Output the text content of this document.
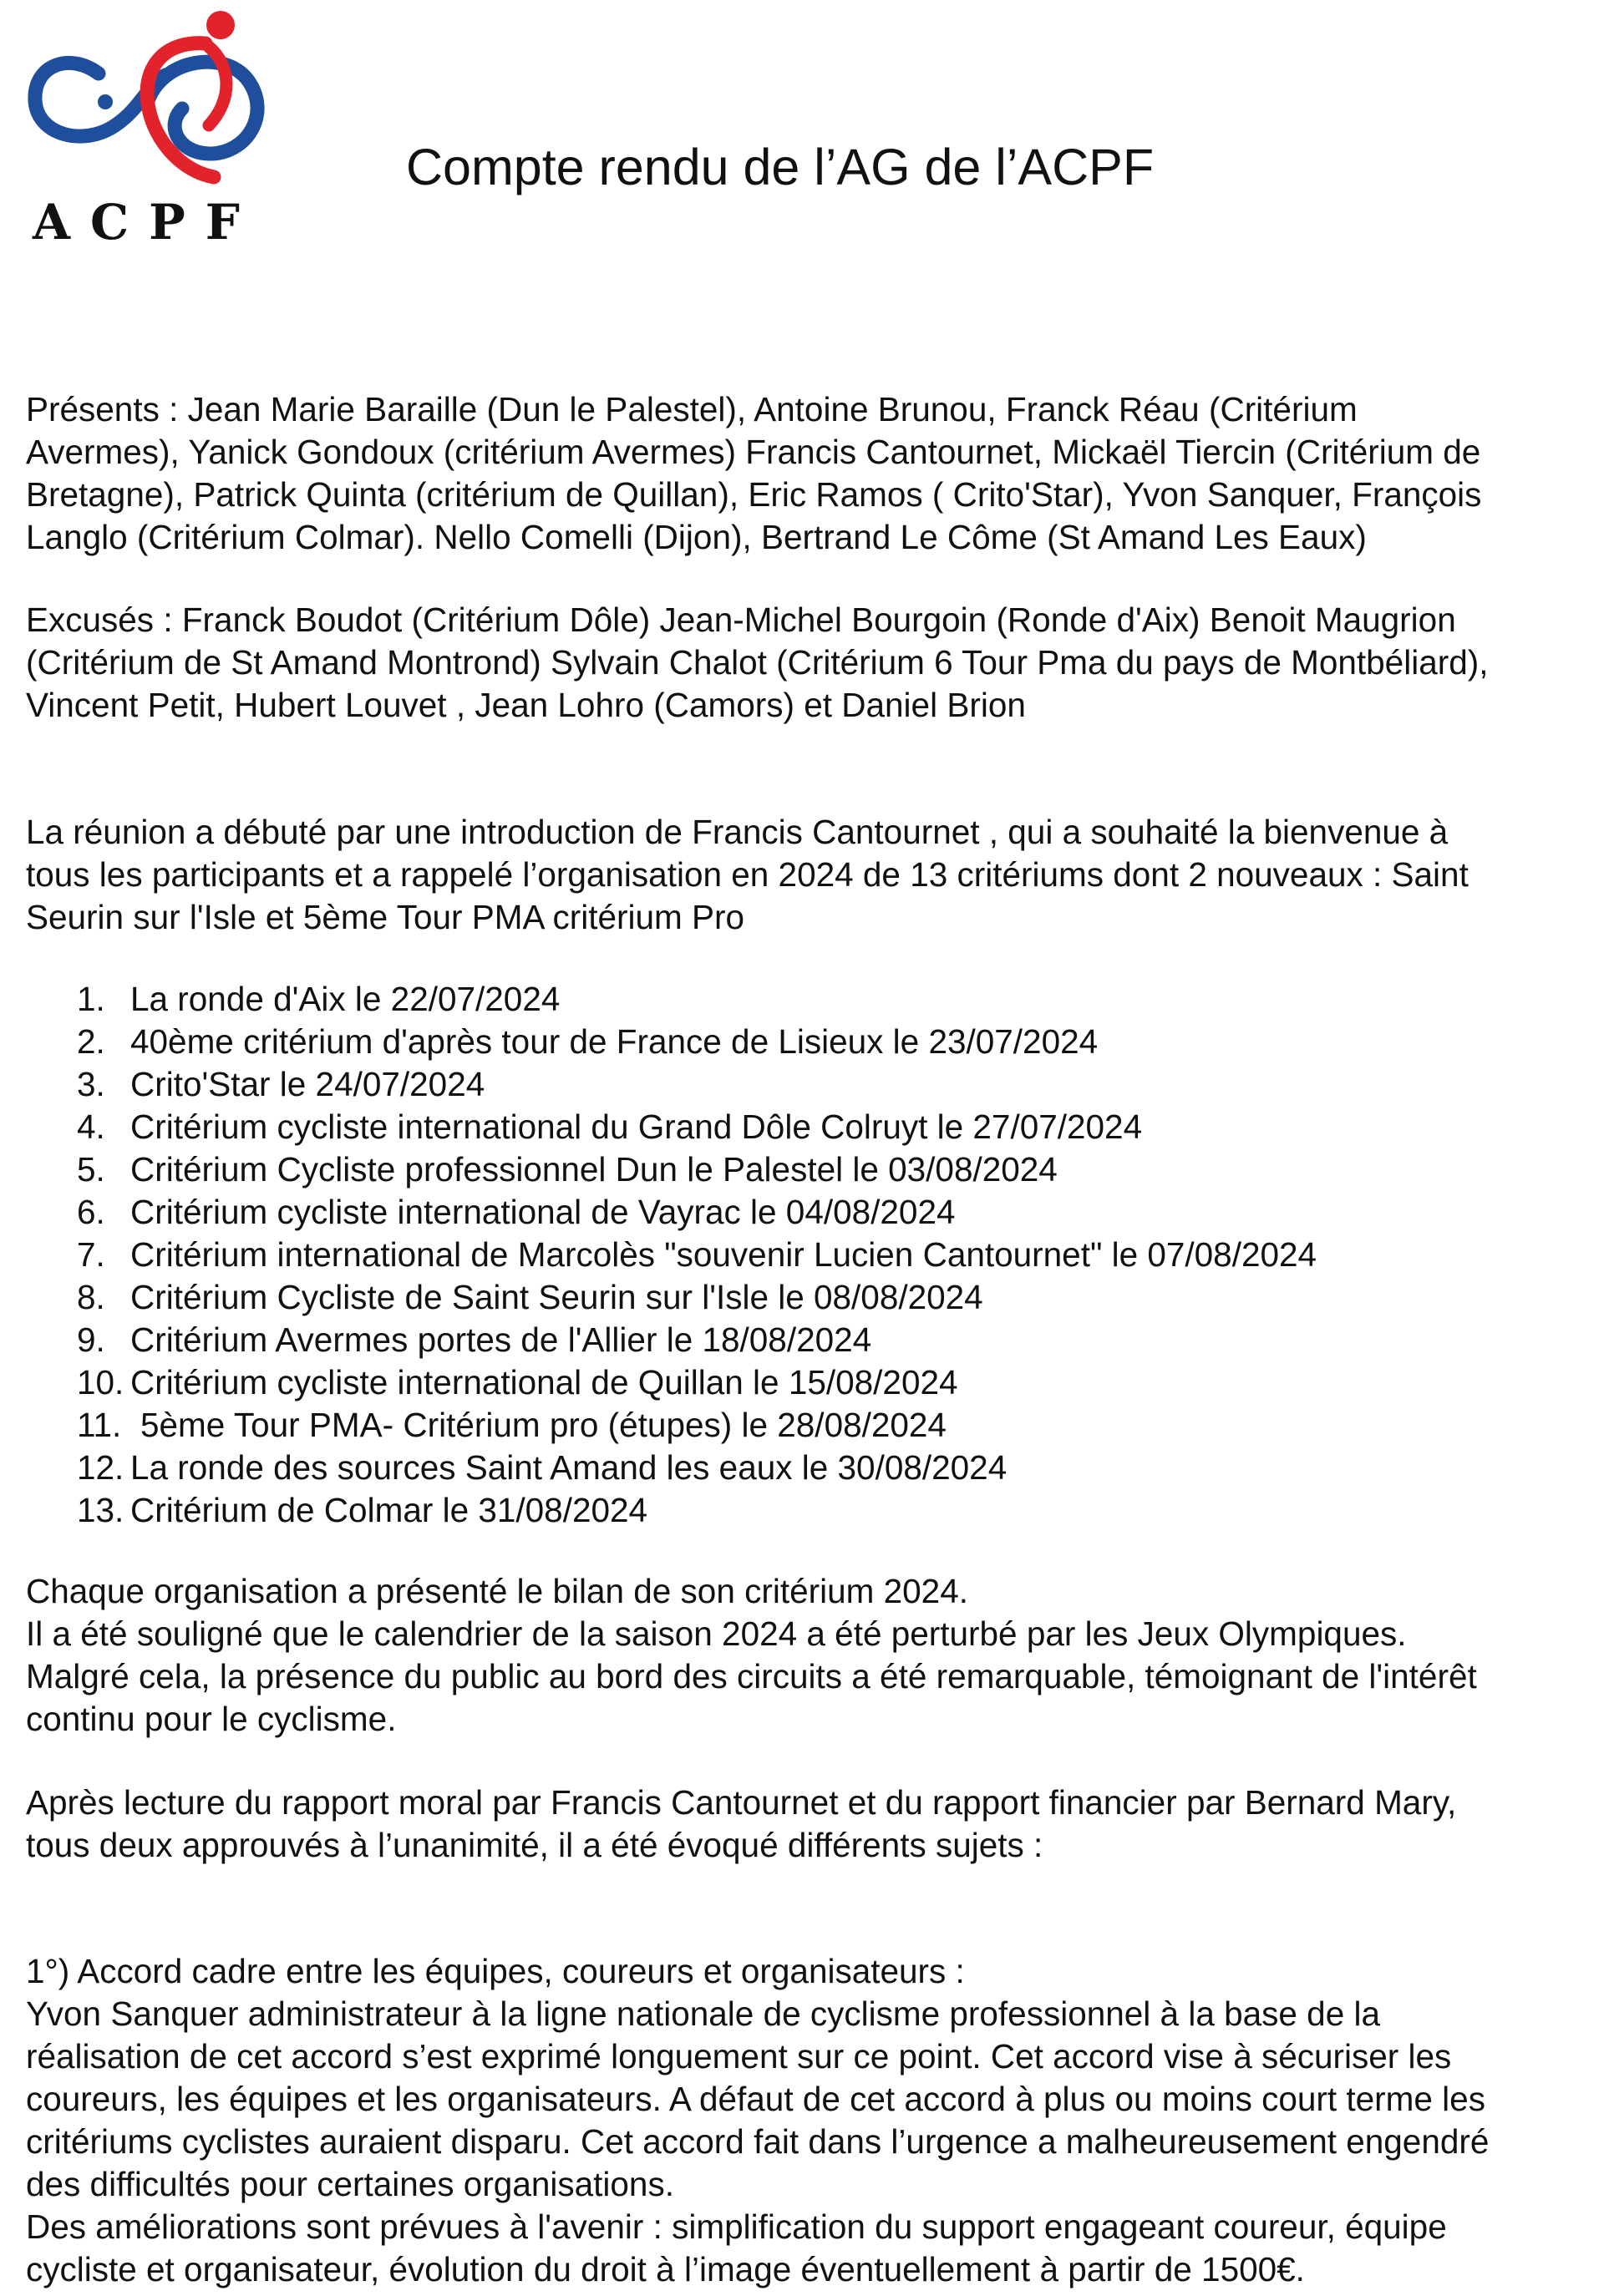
ACPF
Compte rendu de l’AG de l’ACPF

Présents : Jean Marie Baraille (Dun le Palestel), Antoine Brunou, Franck Réau (Critérium
Avermes), Yanick Gondoux (critérium Avermes) Francis Cantournet, Mickaël Tiercin (Critérium de
Bretagne), Patrick Quinta (critérium de Quillan), Eric Ramos ( Crito'Star), Yvon Sanquer, François
Langlo (Critérium Colmar). Nello Comelli (Dijon), Bertrand Le Côme (St Amand Les Eaux)

Excusés : Franck Boudot (Critérium Dôle) Jean-Michel Bourgoin (Ronde d'Aix) Benoit Maugrion
(Critérium de St Amand Montrond) Sylvain Chalot (Critérium 6 Tour Pma du pays de Montbéliard),
Vincent Petit, Hubert Louvet , Jean Lohro (Camors) et Daniel Brion

La réunion a débuté par une introduction de Francis Cantournet , qui a souhaité la bienvenue à
tous les participants et a rappelé l’organisation en 2024 de 13 critériums dont 2 nouveaux : Saint
Seurin sur l'Isle et 5ème Tour PMA critérium Pro

1. La ronde d'Aix le 22/07/2024
2. 40ème critérium d'après tour de France de Lisieux le 23/07/2024
3. Crito'Star le 24/07/2024
4. Critérium cycliste international du Grand Dôle Colruyt le 27/07/2024
5. Critérium Cycliste professionnel Dun le Palestel le 03/08/2024
6. Critérium cycliste international de Vayrac le 04/08/2024
7. Critérium international de Marcolès "souvenir Lucien Cantournet" le 07/08/2024
8. Critérium Cycliste de Saint Seurin sur l'Isle le 08/08/2024
9. Critérium Avermes portes de l'Allier le 18/08/2024
10. Critérium cycliste international de Quillan le 15/08/2024
11. 5ème Tour PMA- Critérium pro (étupes) le 28/08/2024
12. La ronde des sources Saint Amand les eaux le 30/08/2024
13. Critérium de Colmar le 31/08/2024

Chaque organisation a présenté le bilan de son critérium 2024.
Il a été souligné que le calendrier de la saison 2024 a été perturbé par les Jeux Olympiques.
Malgré cela, la présence du public au bord des circuits a été remarquable, témoignant de l'intérêt
continu pour le cyclisme.

Après lecture du rapport moral par Francis Cantournet et du rapport financier par Bernard Mary,
tous deux approuvés à l’unanimité, il a été évoqué différents sujets :

1°) Accord cadre entre les équipes, coureurs et organisateurs :
Yvon Sanquer administrateur à la ligne nationale de cyclisme professionnel à la base de la
réalisation de cet accord s’est exprimé longuement sur ce point. Cet accord vise à sécuriser les
coureurs, les équipes et les organisateurs. A défaut de cet accord à plus ou moins court terme les
critériums cyclistes auraient disparu. Cet accord fait dans l’urgence a malheureusement engendré
des difficultés pour certaines organisations.
Des améliorations sont prévues à l'avenir : simplification du support engageant coureur, équipe
cycliste et organisateur, évolution du droit à l’image éventuellement à partir de 1500€.
